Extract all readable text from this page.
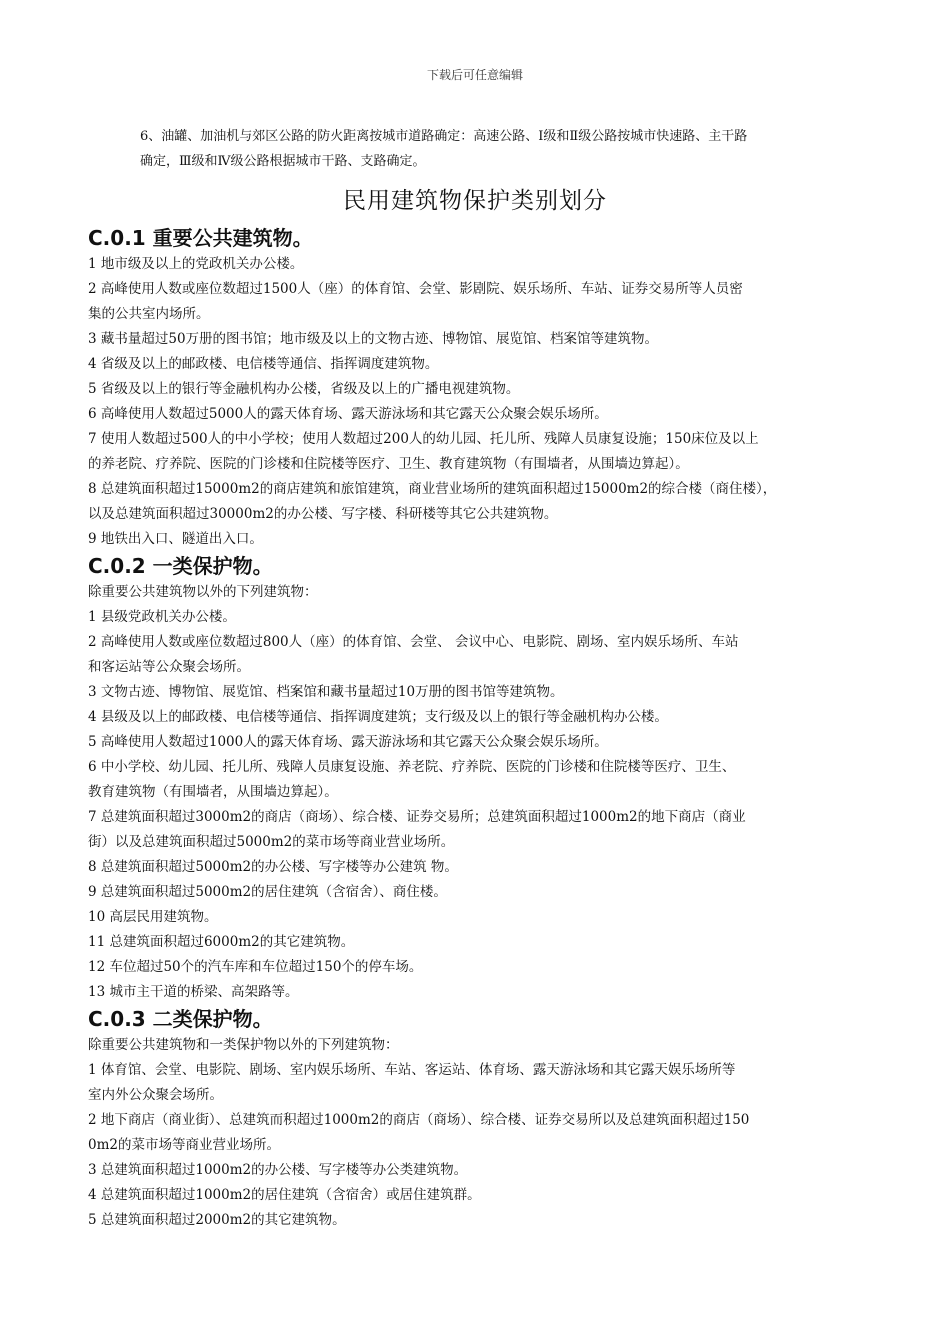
下载后可任意编辑

6、油罐、加油机与郊区公路的防火距离按城市道路确定：高速公路、Ⅰ级和Ⅱ级公路按城市快速路、主干路

确定，Ⅲ级和Ⅳ级公路根据城市干路、支路确定。

民用建筑物保护类别划分
C.0.1 重要公共建筑物。

1 地市级及以上的党政机关办公楼。

2 高峰使用人数或座位数超过1500人（座）的体育馆、会堂、影剧院、娱乐场所、车站、证券交易所等人员密

集的公共室内场所。

3 藏书量超过50万册的图书馆；地市级及以上的文物古迹、博物馆、展览馆、档案馆等建筑物。

4 省级及以上的邮政楼、电信楼等通信、指挥调度建筑物。

5 省级及以上的银行等金融机构办公楼，省级及以上的广播电视建筑物。

6 高峰使用人数超过5000人的露天体育场、露天游泳场和其它露天公众聚会娱乐场所。

7 使用人数超过500人的中小学校；使用人数超过200人的幼儿园、托儿所、残障人员康复设施；150床位及以上

的养老院、疗养院、医院的门诊楼和住院楼等医疗、卫生、教育建筑物（有围墙者，从围墙边算起）。

8 总建筑面积超过15000m2的商店建筑和旅馆建筑，商业营业场所的建筑面积超过15000m2的综合楼（商住楼），

以及总建筑面积超过30000m2的办公楼、写字楼、科研楼等其它公共建筑物。

9 地铁出入口、隧道出入口。

C.0.2 一类保护物。

除重要公共建筑物以外的下列建筑物：

1 县级党政机关办公楼。

2 高峰使用人数或座位数超过800人（座）的体育馆、会堂、 会议中心、电影院、剧场、室内娱乐场所、车站

和客运站等公众聚会场所。

3 文物古迹、博物馆、展览馆、档案馆和藏书量超过10万册的图书馆等建筑物。

4 县级及以上的邮政楼、电信楼等通信、指挥调度建筑；支行级及以上的银行等金融机构办公楼。

5 高峰使用人数超过1000人的露天体育场、露天游泳场和其它露天公众聚会娱乐场所。

6 中小学校、幼儿园、托儿所、残障人员康复设施、养老院、疗养院、医院的门诊楼和住院楼等医疗、卫生、

教育建筑物（有围墙者，从围墙边算起）。

7 总建筑面积超过3000m2的商店（商场）、综合楼、证券交易所；总建筑面积超过1000m2的地下商店（商业

街）以及总建筑面积超过5000m2的菜市场等商业营业场所。

8 总建筑面积超过5000m2的办公楼、写字楼等办公建筑 物。

9 总建筑面积超过5000m2的居住建筑（含宿舍）、商住楼。

10 高层民用建筑物。

11 总建筑面积超过6000m2的其它建筑物。

12 车位超过50个的汽车库和车位超过150个的停车场。

13 城市主干道的桥梁、高架路等。

C.0.3 二类保护物。

除重要公共建筑物和一类保护物以外的下列建筑物：

1 体育馆、会堂、电影院、剧场、室内娱乐场所、车站、客运站、体育场、露天游泳场和其它露天娱乐场所等

室内外公众聚会场所。

2 地下商店（商业街）、总建筑而积超过1000m2的商店（商场）、综合楼、证券交易所以及总建筑面积超过150

0m2的菜市场等商业营业场所。

3 总建筑面积超过1000m2的办公楼、写字楼等办公类建筑物。

4 总建筑面积超过1000m2的居住建筑（含宿舍）或居住建筑群。

5 总建筑面积超过2000m2的其它建筑物。
